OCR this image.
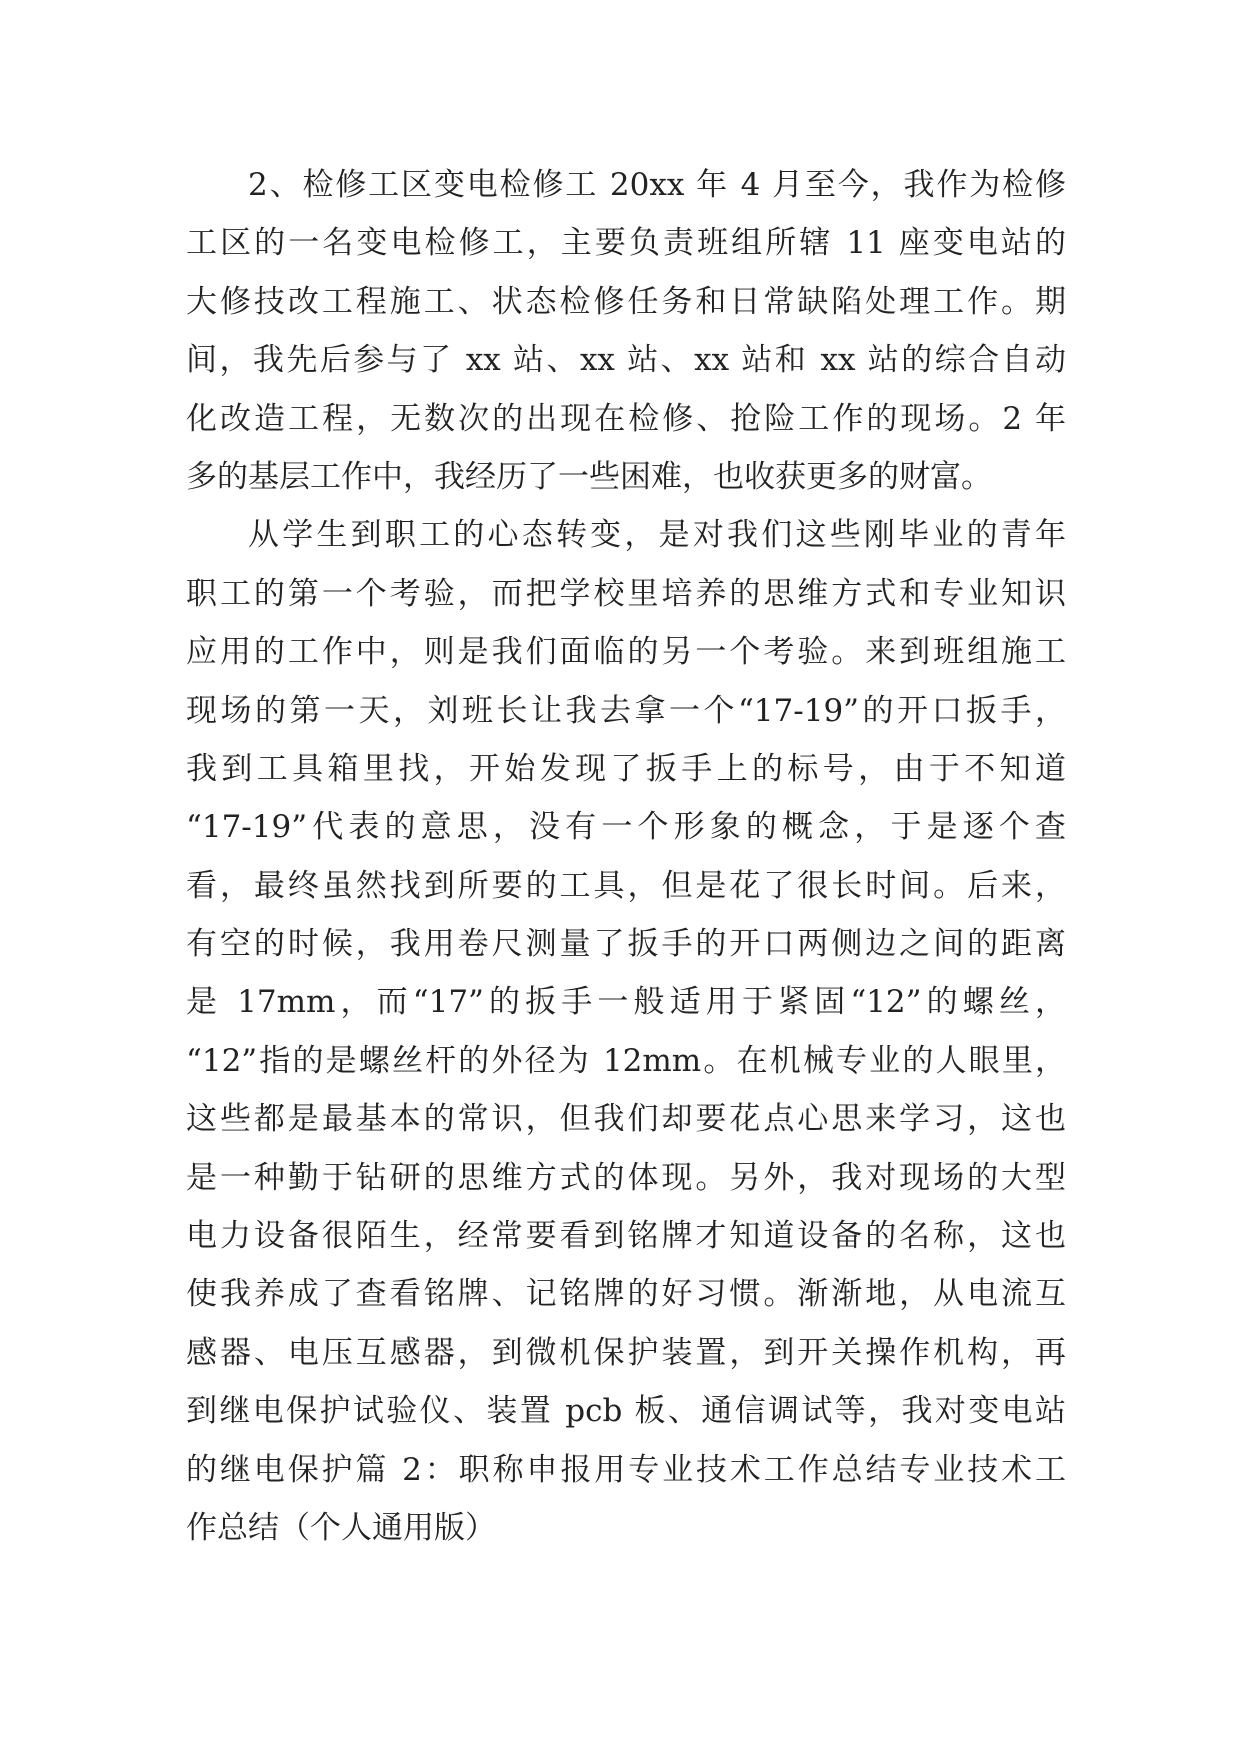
2、检修工区变电检修工 20xx 年 4 月至今，我作为检修
工区的一名变电检修工，主要负责班组所辖 11 座变电站的
大修技改工程施工、状态检修任务和日常缺陷处理工作。期
间，我先后参与了 xx 站、xx 站、xx 站和 xx 站的综合自动
化改造工程，无数次的出现在检修、抢险工作的现场。2 年
多的基层工作中，我经历了一些困难，也收获更多的财富。
从学生到职工的心态转变，是对我们这些刚毕业的青年
职工的第一个考验，而把学校里培养的思维方式和专业知识
应用的工作中，则是我们面临的另一个考验。来到班组施工
现场的第一天，刘班长让我去拿一个“17-19”的开口扳手，
我到工具箱里找，开始发现了扳手上的标号，由于不知道
“17-19”代表的意思，没有一个形象的概念，于是逐个查
看，最终虽然找到所要的工具，但是花了很长时间。后来，
有空的时候，我用卷尺测量了扳手的开口两侧边之间的距离
是 17mm，而“17”的扳手一般适用于紧固“12”的螺丝，
“12”指的是螺丝杆的外径为 12mm。在机械专业的人眼里，
这些都是最基本的常识，但我们却要花点心思来学习，这也
是一种勤于钻研的思维方式的体现。另外，我对现场的大型
电力设备很陌生，经常要看到铭牌才知道设备的名称，这也
使我养成了查看铭牌、记铭牌的好习惯。渐渐地，从电流互
感器、电压互感器，到微机保护装置，到开关操作机构，再
到继电保护试验仪、装置 pcb 板、通信调试等，我对变电站
的继电保护篇 2：职称申报用专业技术工作总结专业技术工
作总结（个人通用版）
